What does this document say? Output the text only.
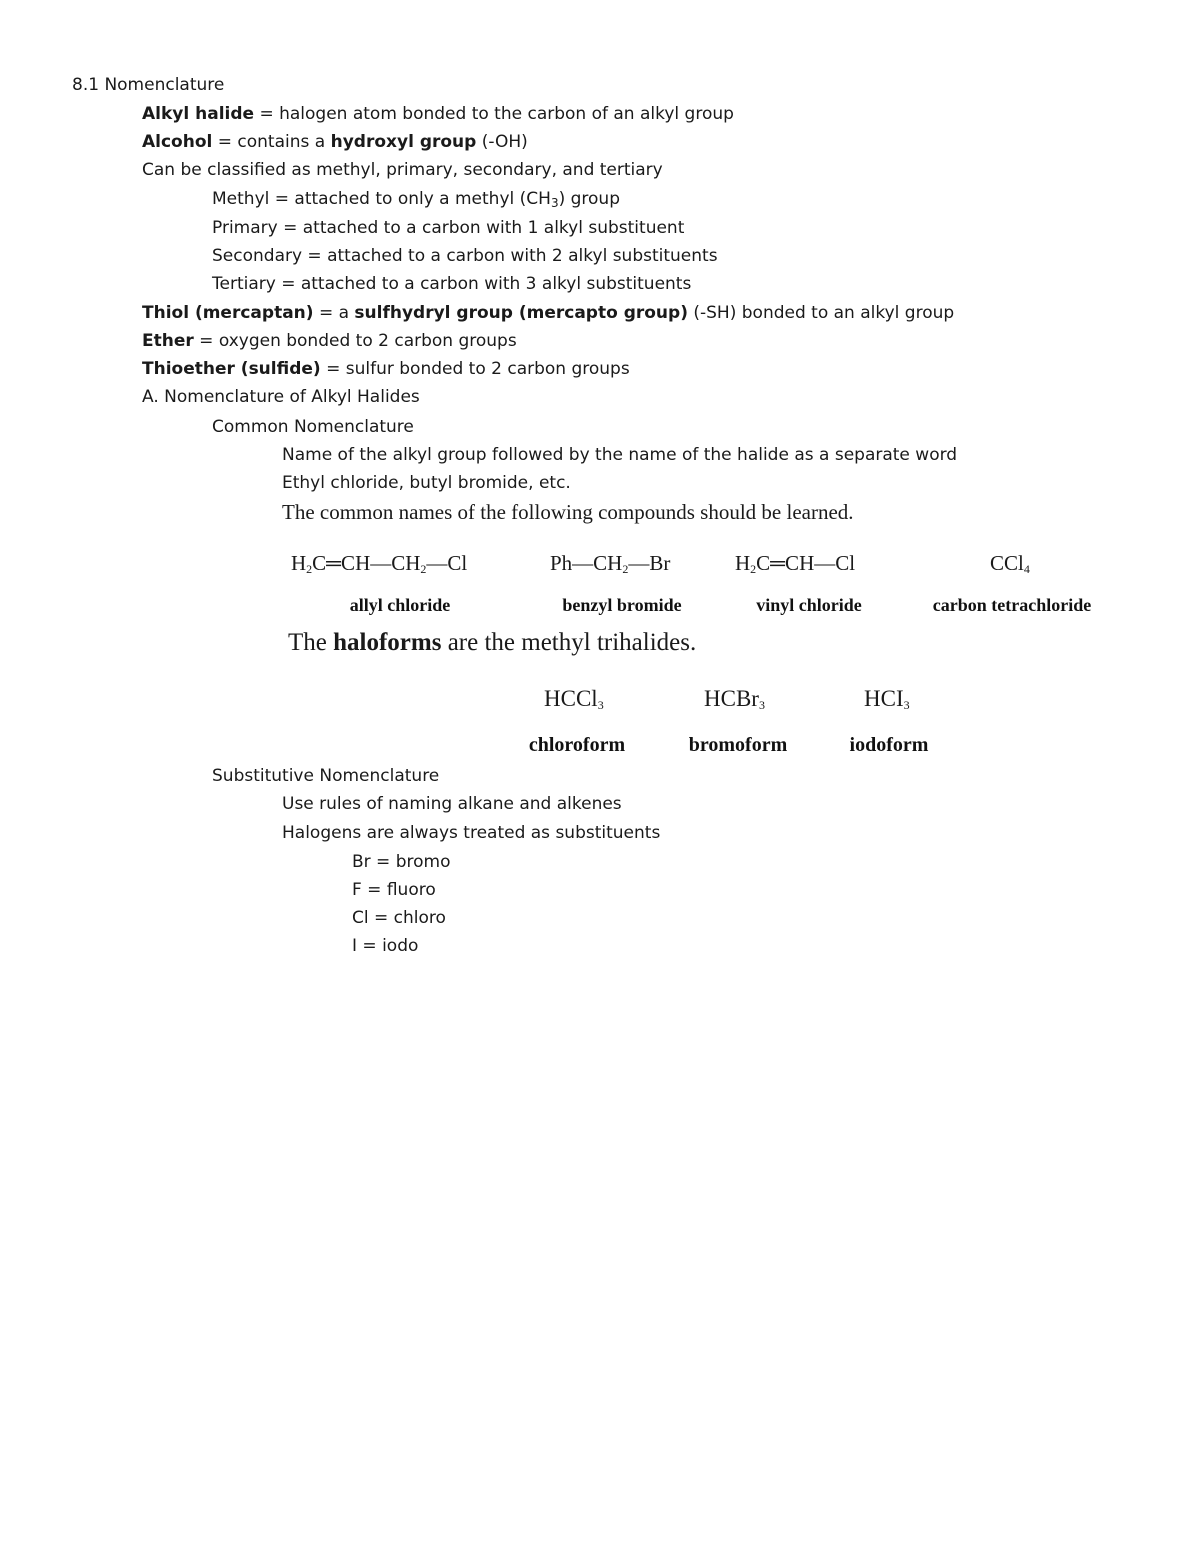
8.1 Nomenclature
Alkyl halide = halogen atom bonded to the carbon of an alkyl group
Alcohol = contains a hydroxyl group (-OH)
Can be classified as methyl, primary, secondary, and tertiary
Methyl = attached to only a methyl $(CH_3)$ group
Primary = attached to a carbon with 1 alkyl substituent
Secondary = attached to a carbon with 2 alkyl substituents
Tertiary = attached to a carbon with 3 alkyl substituents
Thiol (mercaptan) = a sulfhydryl group (mercapto group) (-SH) bonded to an alkyl group
Ether = oxygen bonded to 2 carbon groups
Thioether (sulfide) = sulfur bonded to 2 carbon groups
A. Nomenclature of Alkyl Halides
Common Nomenclature
Name of the alkyl group followed by the name of the halide as a separate word
Ethyl chloride, butyl bromide, etc.
The common names of the following compounds should be learned.
$H_2C═CH—CH_2—Cl$	$Ph—CH_2—Br$	$H_2C═CH—Cl$	CCl$_4$
allyl chloride	benzyl bromide	vinyl chloride	carbon tetrachloride
The haloforms are the methyl trihalides.
HCCl$_3$	HCBr$_3$	$HCI_3$
chloroform	bromoform	iodoform
Substitutive Nomenclature
Use rules of naming alkane and alkenes
Halogens are always treated as substituents
Br = bromo
F = fluoro
Cl = chloro
I = iodo
